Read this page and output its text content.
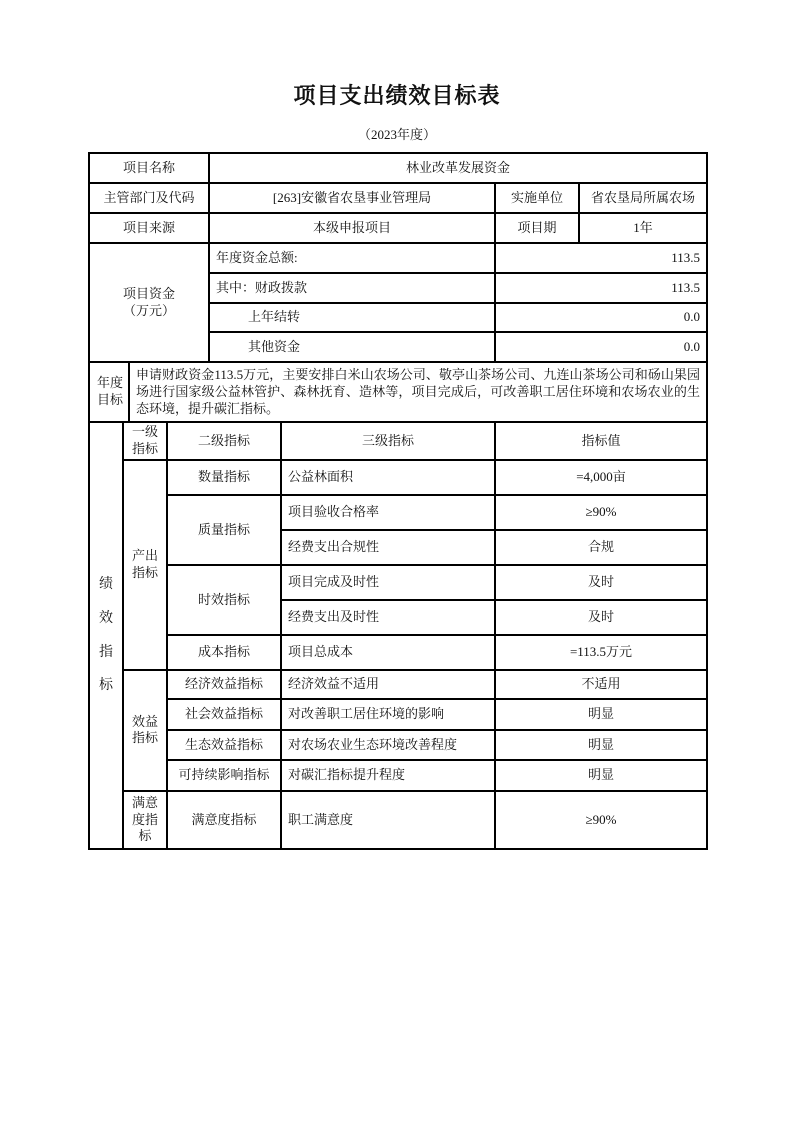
项目支出绩效目标表
（2023年度）
项目名称	林业改革发展资金		
主管部门及代码	[263]安徽省农垦事业管理局	实施单位	省农垦局所属农场
项目来源	本级申报项目	项目期	1年

项目资金
（万元）	年度资金总额:	113.5	
	其中：财政拨款	113.5	
	上年结转	0.0	
	其他资金	0.0	
年度目标
	申请财政资金113.5万元，主要安排白米山农场公司、敬亭山茶场公司、九连山茶场公司和砀山果园场进行国家级公益林管护、森林抚育、造林等，项目完成后，可改善职工居住环境和农场农业的生态环境，提升碳汇指标。
绩效指标	一级指标	二级指标	三级指标	指标值
	产出指标	数量指标	公益林面积	=4,000亩
		质量指标	项目验收合格率	≥90%
			经费支出合规性	合规
		时效指标	项目完成及时性	及时
			经费支出及时性	及时
		成本指标	项目总成本	=113.5万元
	效益指标	经济效益指标	经济效益不适用	不适用
		社会效益指标	对改善职工居住环境的影响	明显
		生态效益指标	对农场农业生态环境改善程度	明显
		可持续影响指标	对碳汇指标提升程度	明显
	满意度指标	满意度指标	职工满意度	≥90%
